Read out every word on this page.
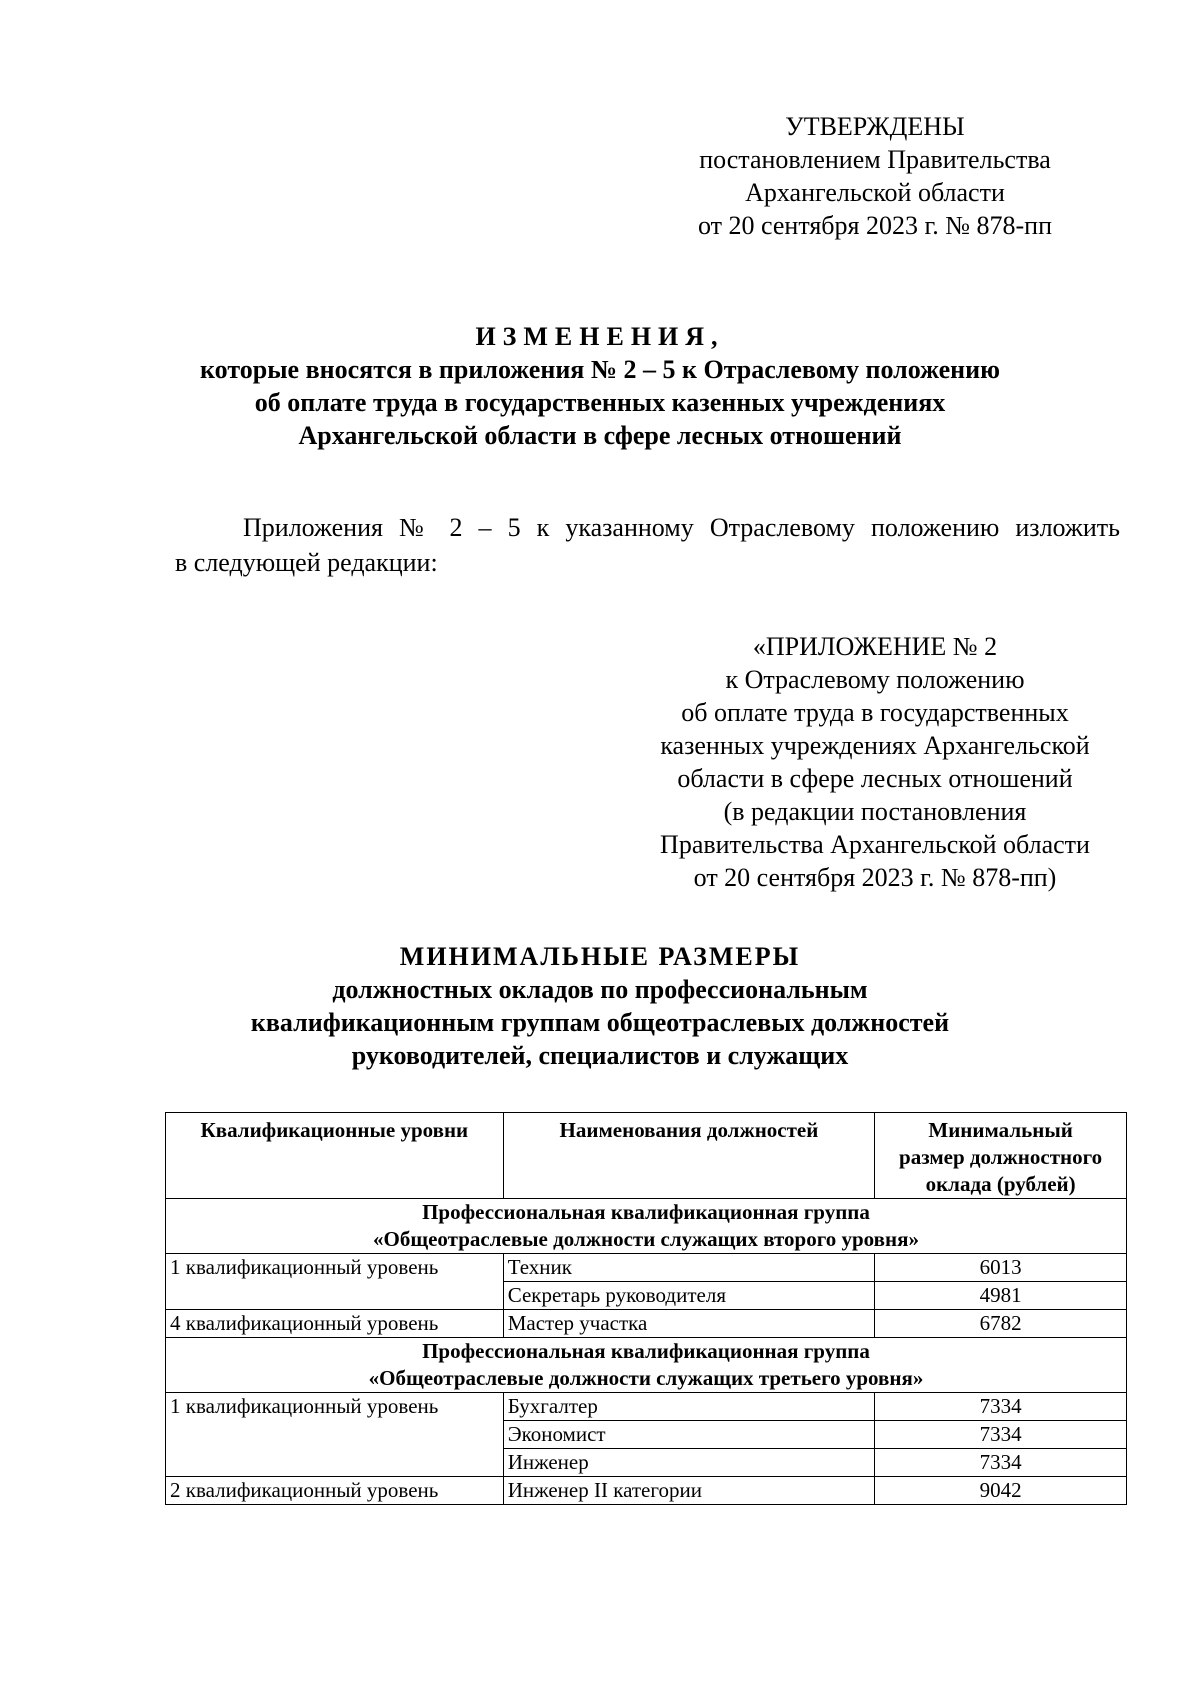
УТВЕРЖДЕНЫ
постановлением Правительства
Архангельской области
от 20 сентября 2023 г. № 878-пп
ИЗМЕНЕНИЯ,
которые вносятся в приложения № 2 – 5 к Отраслевому положению
об оплате труда в государственных казенных учреждениях
Архангельской области в сфере лесных отношений
Приложения № 2 – 5 к указанному Отраслевому положению изложить
в следующей редакции:
«ПРИЛОЖЕНИЕ № 2
к Отраслевому положению
об оплате труда в государственных
казенных учреждениях Архангельской
области в сфере лесных отношений
(в редакции постановления
Правительства Архангельской области
от 20 сентября 2023 г. № 878-пп)
МИНИМАЛЬНЫЕ РАЗМЕРЫ
должностных окладов по профессиональным
квалификационным группам общеотраслевых должностей
руководителей, специалистов и служащих
Квалификационные уровни	Наименования должностей	Минимальный
размер должностного
оклада (рублей)

Профессиональная квалификационная группа
«Общеотраслевые должности служащих второго уровня»		

1 квалификационный уровень	Техник	6013
	Секретарь руководителя	4981
4 квалификационный уровень	Мастер участка	6782

Профессиональная квалификационная группа
«Общеотраслевые должности служащих третьего уровня»		

1 квалификационный уровень	Бухгалтер	7334
	Экономист	7334
	Инженер	7334
2 квалификационный уровень	Инженер II категории	9042
